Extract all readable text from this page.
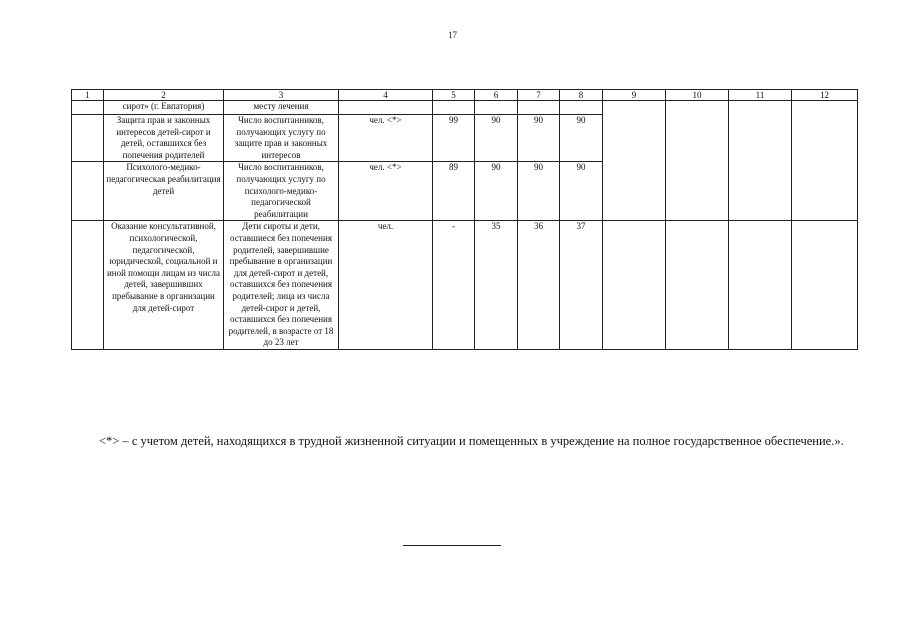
17
1	2	3	4	5	6	7	8	9	10	11	12
	сирот» (г. Евпатория)	месту лечения									
	Защита прав и законных интересов детей-сирот и детей, оставшихся без попечения родителей	Число воспитанников, получающих услугу по защите прав и законных интересов	чел. <*>	99	90	90	90				
	Психолого-медико-педагогическая реабилитация детей	Число воспитанников, получающих услугу по психолого-медико-педагогической реабилитации	чел. <*>	89	90	90	90				
	Оказание консультативной, психологической, педагогической, юридической, социальной и иной помощи лицам из числа детей, завершивших пребывание в организации для детей-сирот	Дети сироты и дети, оставшиеся без попечения родителей, завершившие пребывание в организации для детей-сирот и детей, оставшихся без попечения родителей; лица из числа детей-сирот и детей, оставшихся без попечения родителей, в возрасте от 18 до 23 лет	чел.	-	35	36	37				
<*> – с учетом детей, находящихся в трудной жизненной ситуации и помещенных в учреждение на полное государственное обеспечение.».
